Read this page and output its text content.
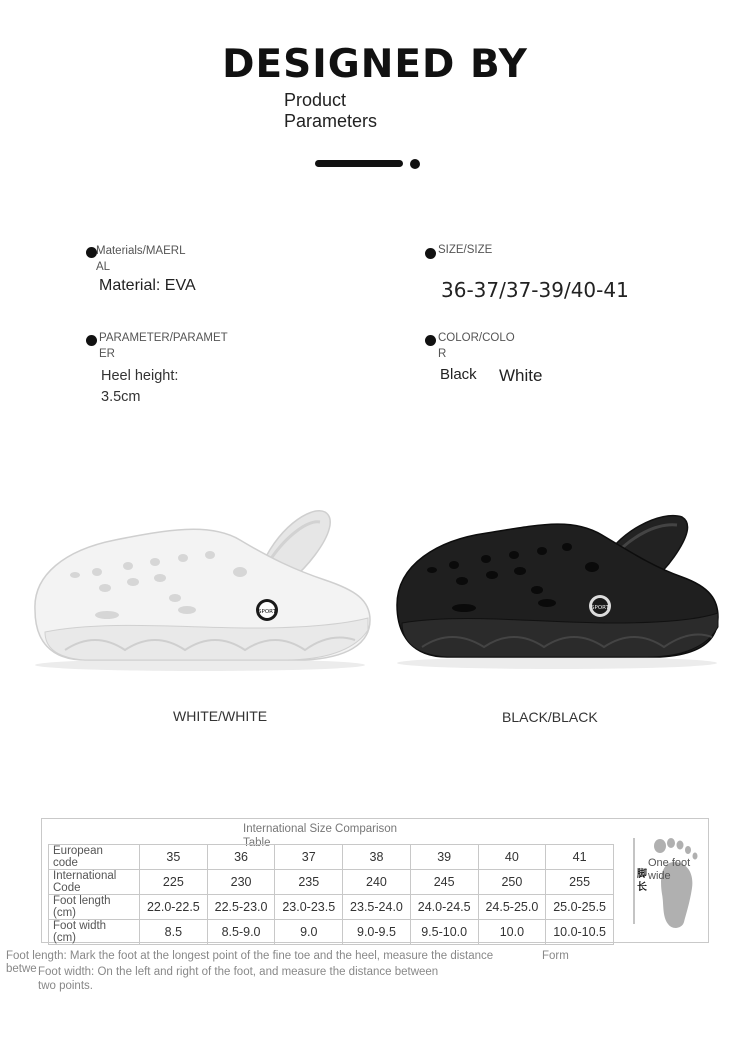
DESIGNED BY
Product
Parameters
Materials/MAERL
AL
Material: EVA
SIZE/SIZE
36-37/37-39/40-41
PARAMETER/PARAMET
ER
Heel height:
3.5cm
COLOR/COLO
R
Black White
SPORT
SPORT
WHITE/WHITE	BLACK/BLACK
International Size Comparison
Table
European
code	35	36	37	38	39	40	41

International
Code	225	230	235	240	245	250	255

Foot length
(cm)	22.0-22.5	22.5-23.0	23.0-23.5	23.5-24.0	24.0-24.5	24.5-25.0	25.0-25.5

Foot width
(cm)	8.5	8.5-9.0	9.0	9.0-9.5	9.5-10.0	10.0	10.0-10.5
One foot
wide
脚长
Foot length: Mark the foot at the longest point of the fine toe and the heel, measure the distance
betwe Foot width: On the left and right of the foot, and measure the distance between
two points.
Form
